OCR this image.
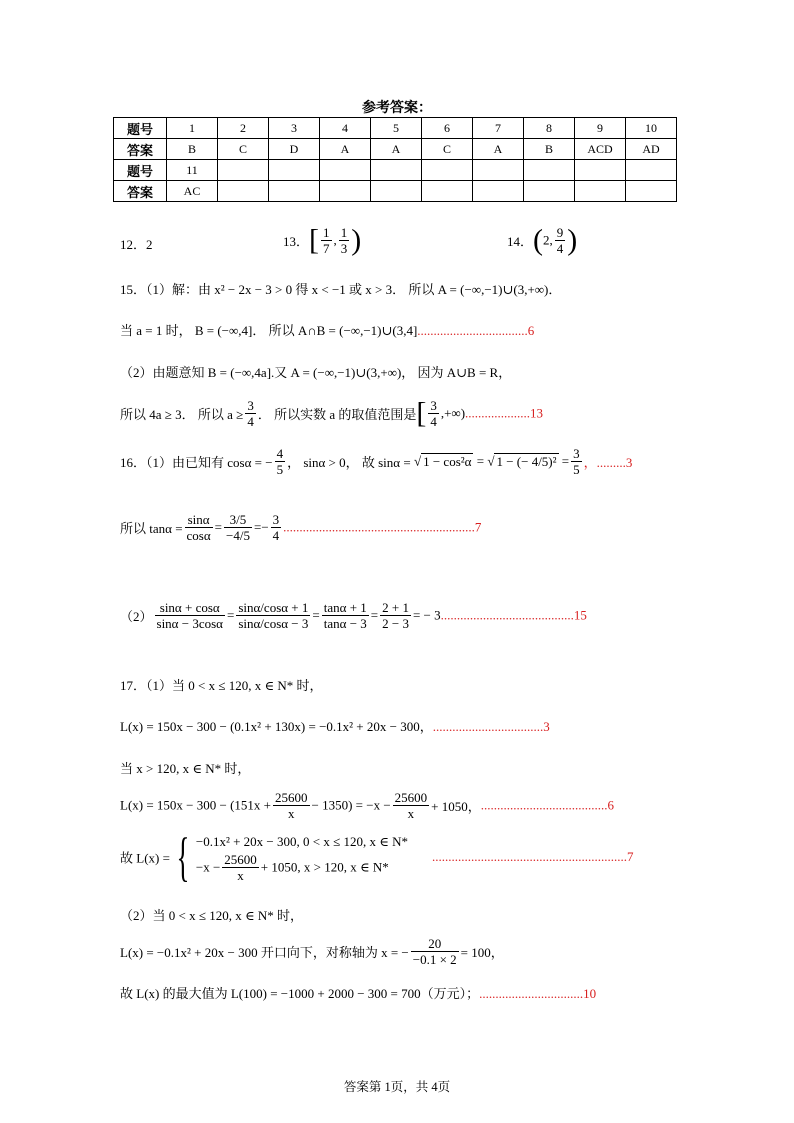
参考答案：
题号	1	2	3	4	5	6	7	8	9	10
答案	B	C	D	A	A	C	A	B	ACD	AD
题号	11									
答案	AC									
12．2	13．[ $\frac{1}{7}$ , $\frac{1}{3}$ )	14．(2, $\frac{9}{4}$ )
15．（1）解：由 x² − 2x − 3 > 0 得 x < −1 或 x > 3． 所以 A = (−∞,−1)∪(3,+∞)．
当 a = 1 时， B = (−∞,4]． 所以 A∩B = (−∞,−1)∪(3,4]..................................6
（2）由题意知 B = (−∞,4a].又 A = (−∞,−1)∪(3,+∞)， 因为 A∪B = R，
所以 4a ≥ 3． 所以 $a \ge \frac{3}{4}$ ． 所以实数 a 的取值范围是[ $\frac{3}{4} ,+\infty)....................13$
16．（1）由已知有 cosα = − $\frac{4}{5}$ ， sinα > 0， 故 sinα = √ 1 − cos²α = √ 1 − (− $4/5)^2 = \frac{3}{5}$ ，.........3
所以 $\tan\alpha = \frac{\sin\alpha}{\cos\alpha} = \frac{3/5}{-4/5} =- \frac{3}{4} ...........................................................7$
$(2) \frac{\sin\alpha + \cos\alpha}{\sin\alpha - 3\cos\alpha} = \frac{\sin\alpha/\cos\alpha + 1}{\sin\alpha/\cos\alpha - 3} = \frac{\tan\alpha + 1}{\tan\alpha - 3} = \frac{2 + 1}{2 - 3}$ = − 3.........................................15
17．（1）当 0 < x ≤ 120, x ∈ N* 时，
L(x) = 150x − 300 − (0.1x² + 130x) = −0.1x² + 20x − 300，..................................3
当 x > 120, x ∈ N* 时，
$L(x) = 150x - 300 - (151x + \frac{25600}{x} - 1350) = -x - \frac{25600}{x} + 1050$，.......................................6
故 L(x) = { −0.1x² + 20x − 300, 0 < x ≤ 120, x ∈ N*
$-x - \frac{25600}{x} + 1050$, x > 120, x ∈ N*
............................................................7
（2）当 0 < x ≤ 120, x ∈ N* 时，
L(x) = −0.1x² + 20x − 300 开口向下，对称轴为 x = − $\frac{20}{-0.1 \times 2} = 100$，
故 L(x) 的最大值为 L(100) = −1000 + 2000 − 300 = 700（万元）；................................10
答案第 1页，共 4页
